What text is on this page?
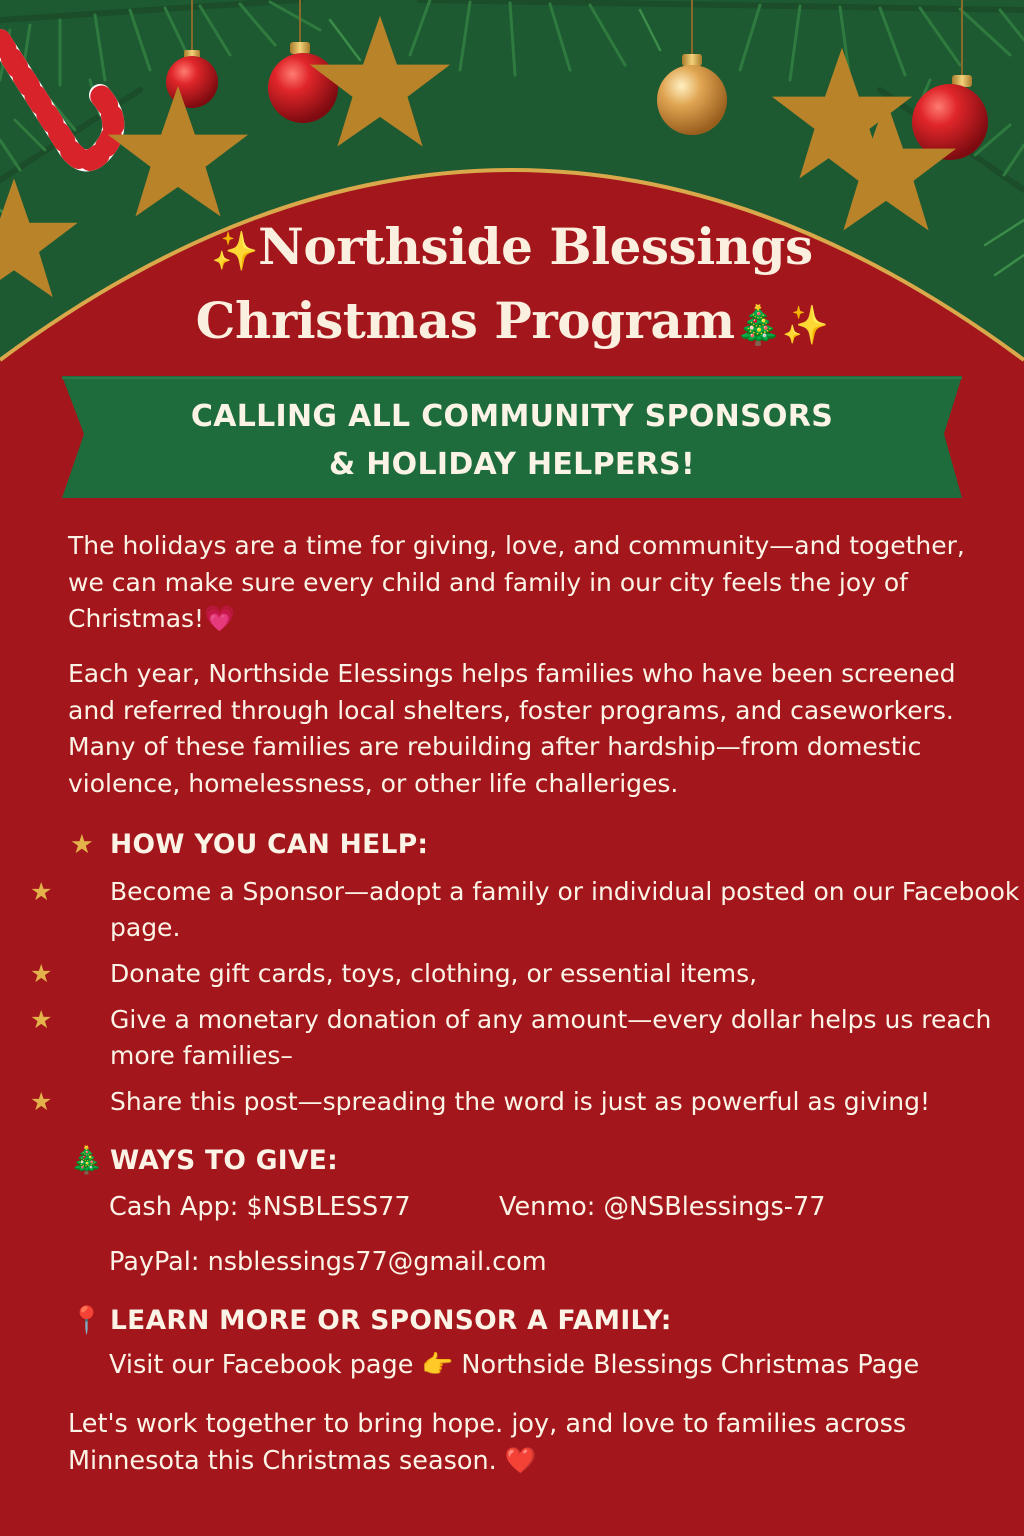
✨Northside Blessings
Christmas Program🎄✨
CALLING ALL COMMUNITY SPONSORS
& HOLIDAY HELPERS!
The holidays are a time for giving, love, and community—and together, we can make sure every child and family in our city feels the joy of Christmas!💗
Each year, Northside Elessings helps families who have been screened and referred through local shelters, foster programs, and caseworkers. Many of these families are rebuilding after hardship—from domestic violence, homelessness, or other life challeriges.
★ HOW YOU CAN HELP:
★ Become a Sponsor—adopt a family or individual posted on our Facebook page.
★ Donate gift cards, toys, clothing, or essential items,
★ Give a monetary donation of any amount—every dollar helps us reach more families–
★ Share this post—spreading the word is just as powerful as giving!
🎄 WAYS TO GIVE:
Cash App: $NSBLESS77	Venmo: @NSBlessings-77
PayPal: nsblessings77@gmail.com
📍 LEARN MORE OR SPONSOR A FAMILY:
Visit our Facebook page 👉 Northside Blessings Christmas Page
Let's work together to bring hope. joy, and love to families across Minnesota this Christmas season. ❤️
